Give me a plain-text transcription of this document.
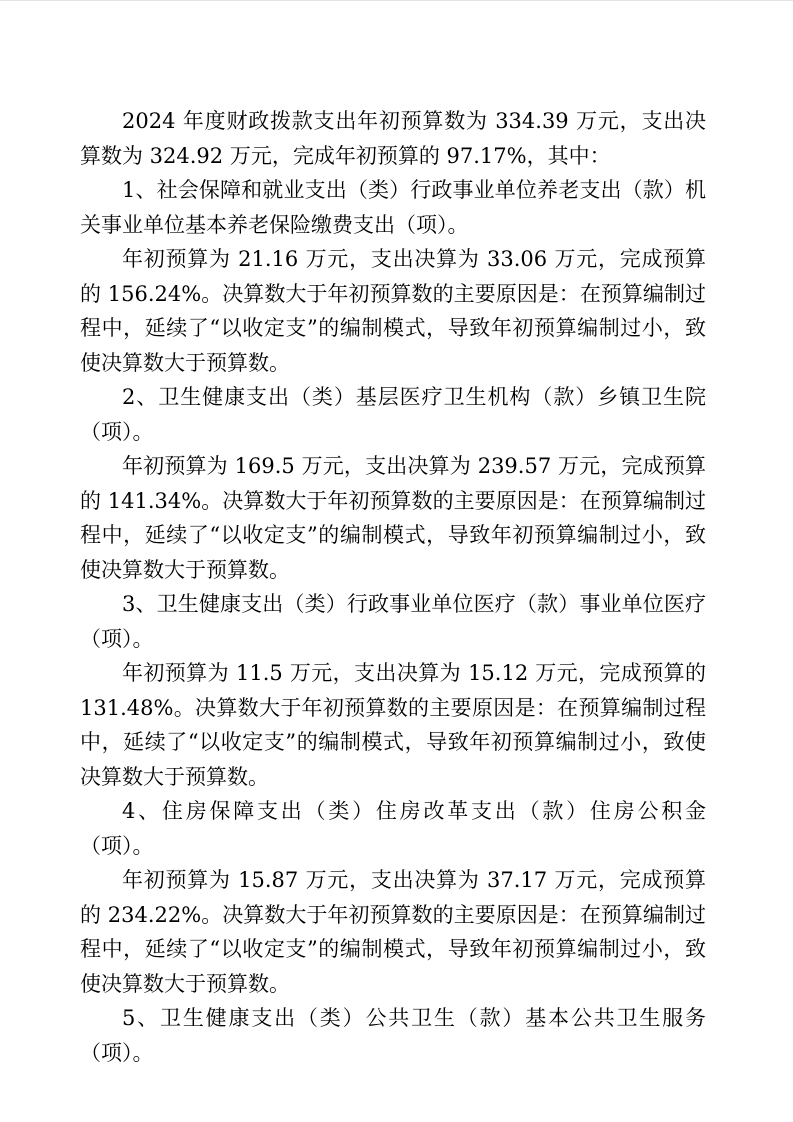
2024 年度财政拨款支出年初预算数为 334.39 万元，支出决算数为 324.92 万元，完成年初预算的 97.17%，其中：

1、社会保障和就业支出（类）行政事业单位养老支出（款）机关事业单位基本养老保险缴费支出（项）。

年初预算为 21.16 万元，支出决算为 33.06 万元，完成预算的 156.24%。决算数大于年初预算数的主要原因是：在预算编制过程中，延续了“以收定支”的编制模式，导致年初预算编制过小，致使决算数大于预算数。

2、卫生健康支出（类）基层医疗卫生机构（款）乡镇卫生院（项）。

年初预算为 169.5 万元，支出决算为 239.57 万元，完成预算的 141.34%。决算数大于年初预算数的主要原因是：在预算编制过程中，延续了“以收定支”的编制模式，导致年初预算编制过小，致使决算数大于预算数。

3、卫生健康支出（类）行政事业单位医疗（款）事业单位医疗（项）。

年初预算为 11.5 万元，支出决算为 15.12 万元，完成预算的 131.48%。决算数大于年初预算数的主要原因是：在预算编制过程中，延续了“以收定支”的编制模式，导致年初预算编制过小，致使决算数大于预算数。

4、住房保障支出（类）住房改革支出（款）住房公积金（项）。

年初预算为 15.87 万元，支出决算为 37.17 万元，完成预算的 234.22%。决算数大于年初预算数的主要原因是：在预算编制过程中，延续了“以收定支”的编制模式，导致年初预算编制过小，致使决算数大于预算数。

5、卫生健康支出（类）公共卫生（款）基本公共卫生服务（项）。
